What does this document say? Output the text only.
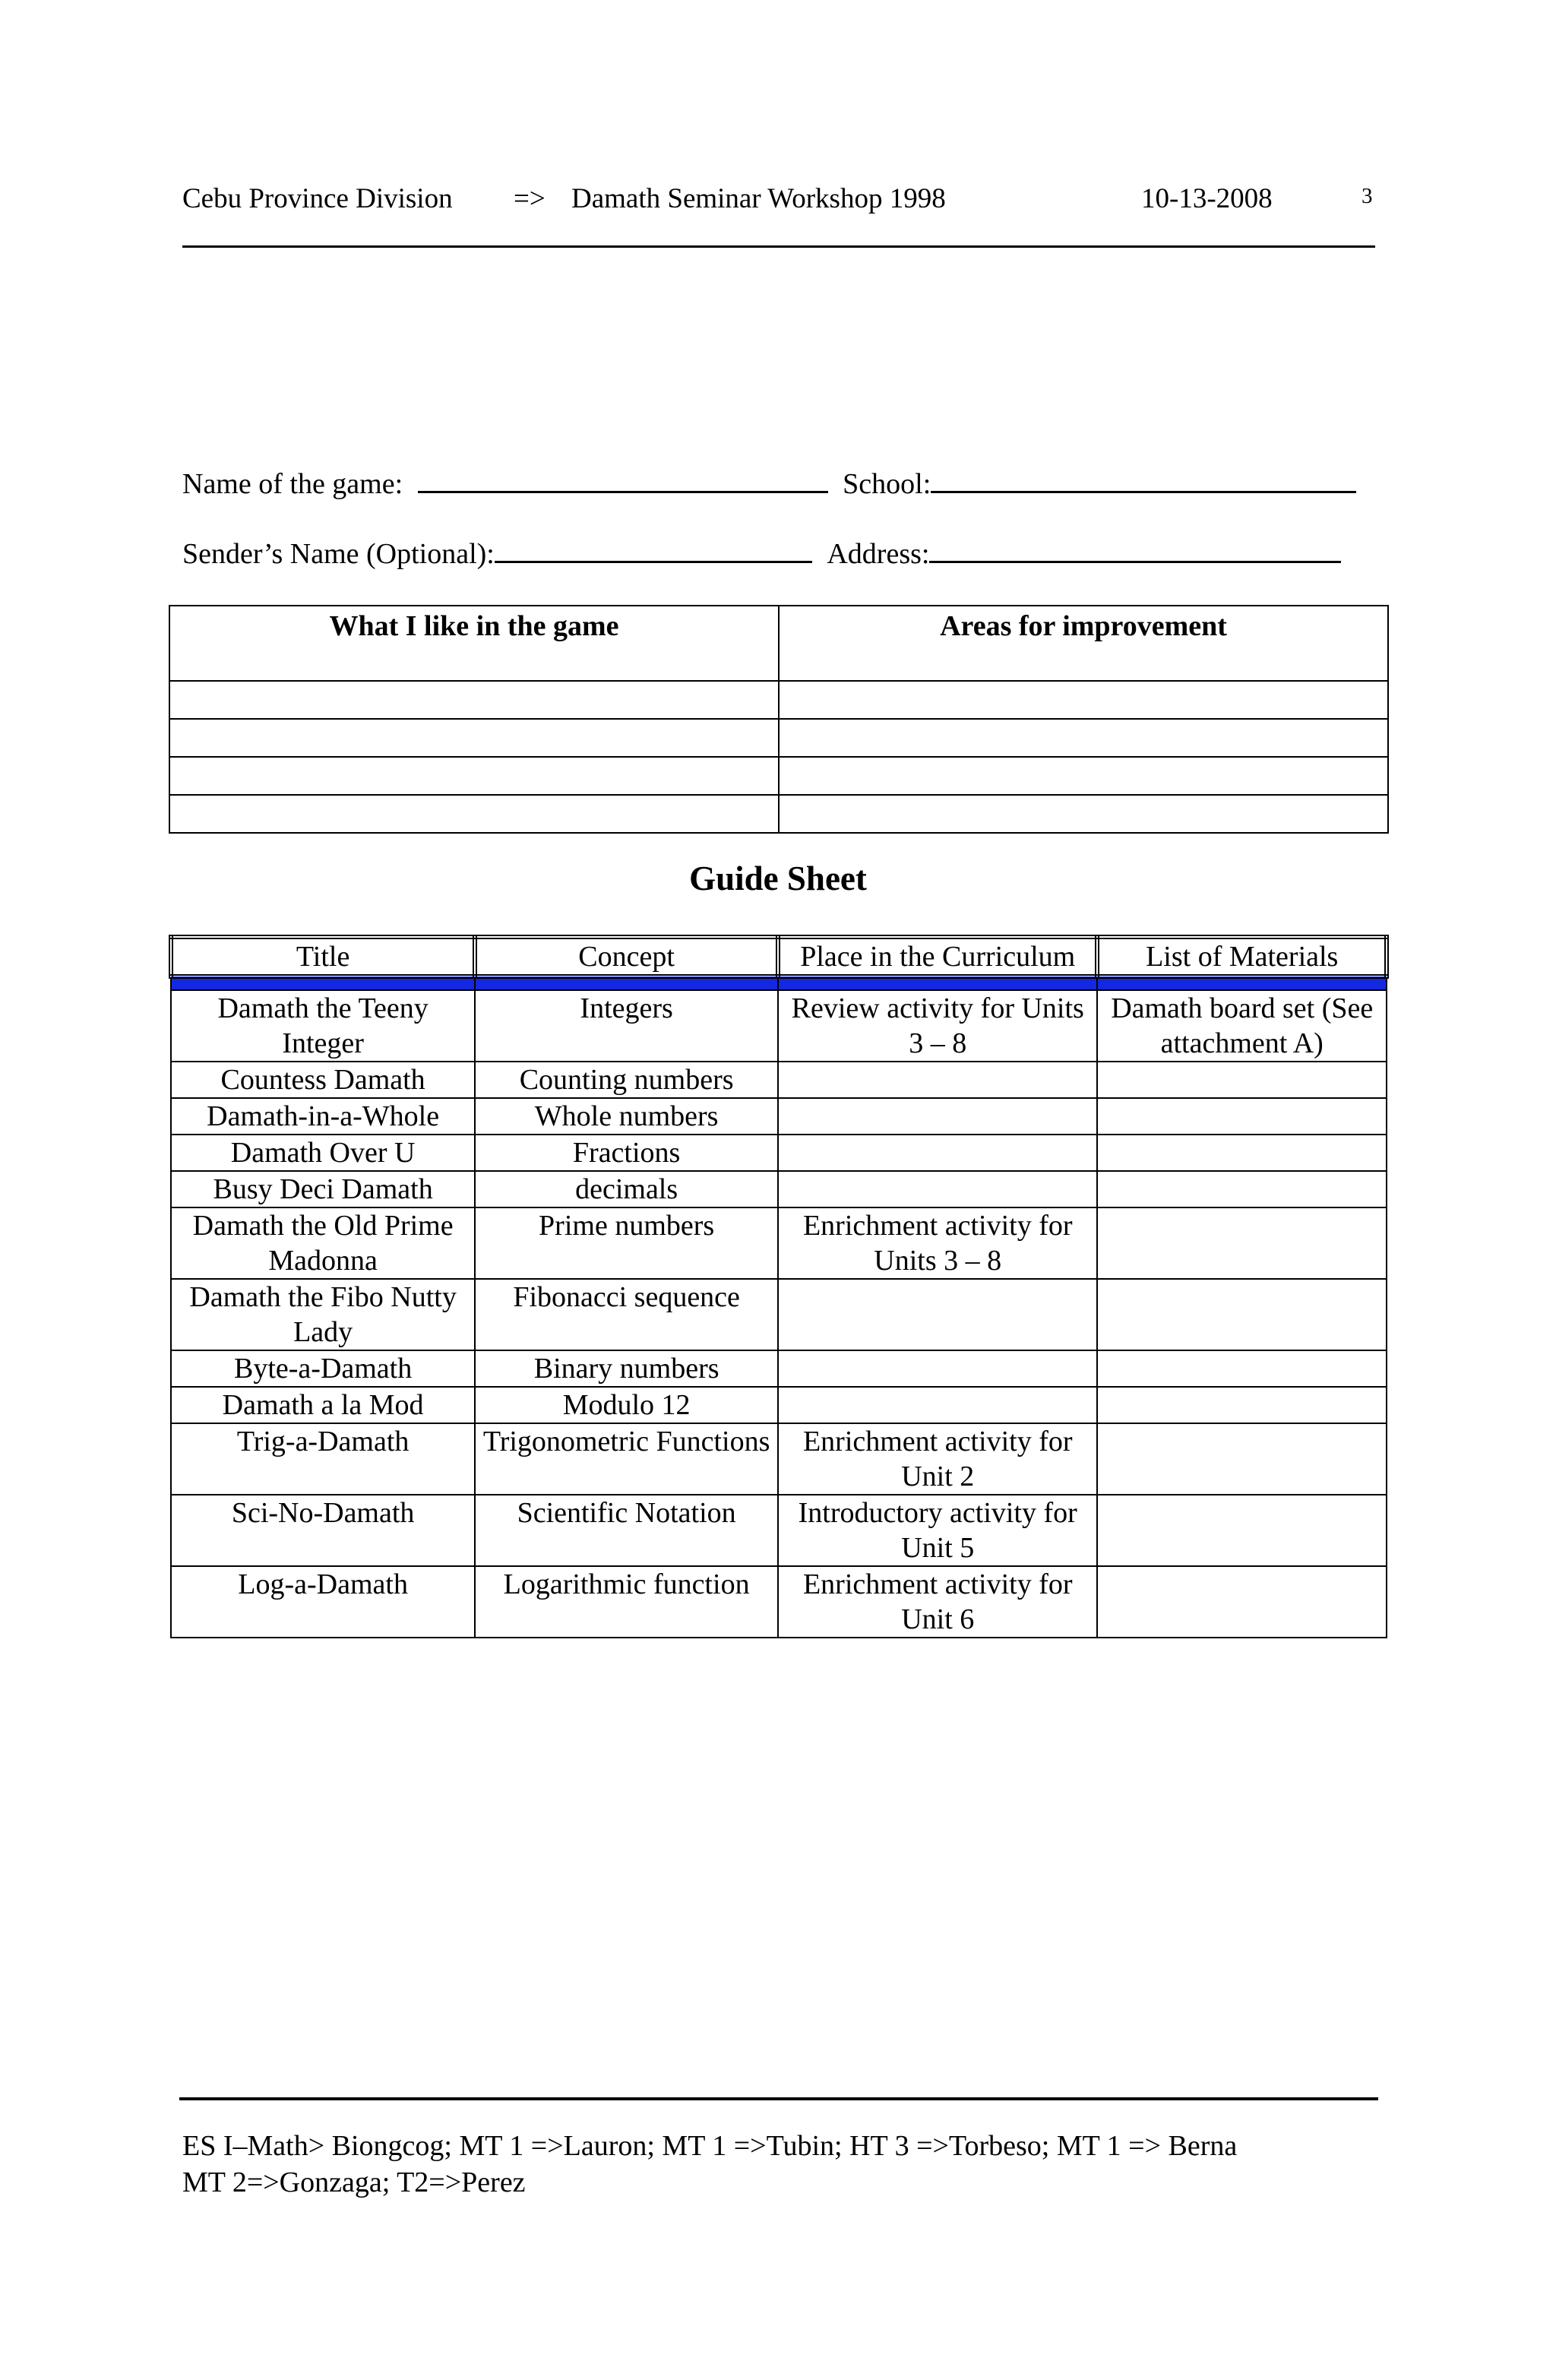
Cebu Province Division => Damath Seminar Workshop 1998	10-13-2008	3
Name of the game:	School:
Sender’s Name (Optional):	Address:
What I like in the game	Areas for improvement

Guide Sheet
Title	Concept	Place in the Curriculum	List of Materials

Damath the Teeny Integer	Integers	Review activity for Units 3 – 8	Damath board set (See attachment A)
Countess Damath	Counting numbers		
Damath-in-a-Whole	Whole numbers		
Damath Over U	Fractions		
Busy Deci Damath	decimals		
Damath the Old Prime Madonna	Prime numbers	Enrichment activity for Units 3 – 8	
Damath the Fibo Nutty Lady	Fibonacci sequence		
Byte-a-Damath	Binary numbers		
Damath a la Mod	Modulo 12		
Trig-a-Damath	Trigonometric Functions	Enrichment activity for Unit 2	
Sci-No-Damath	Scientific Notation	Introductory activity for Unit 5	
Log-a-Damath	Logarithmic function	Enrichment activity for Unit 6	
ES I–Math> Biongcog; MT 1 =>Lauron; MT 1 =>Tubin; HT 3 =>Torbeso; MT 1 => Berna
MT 2=>Gonzaga; T2=>Perez
